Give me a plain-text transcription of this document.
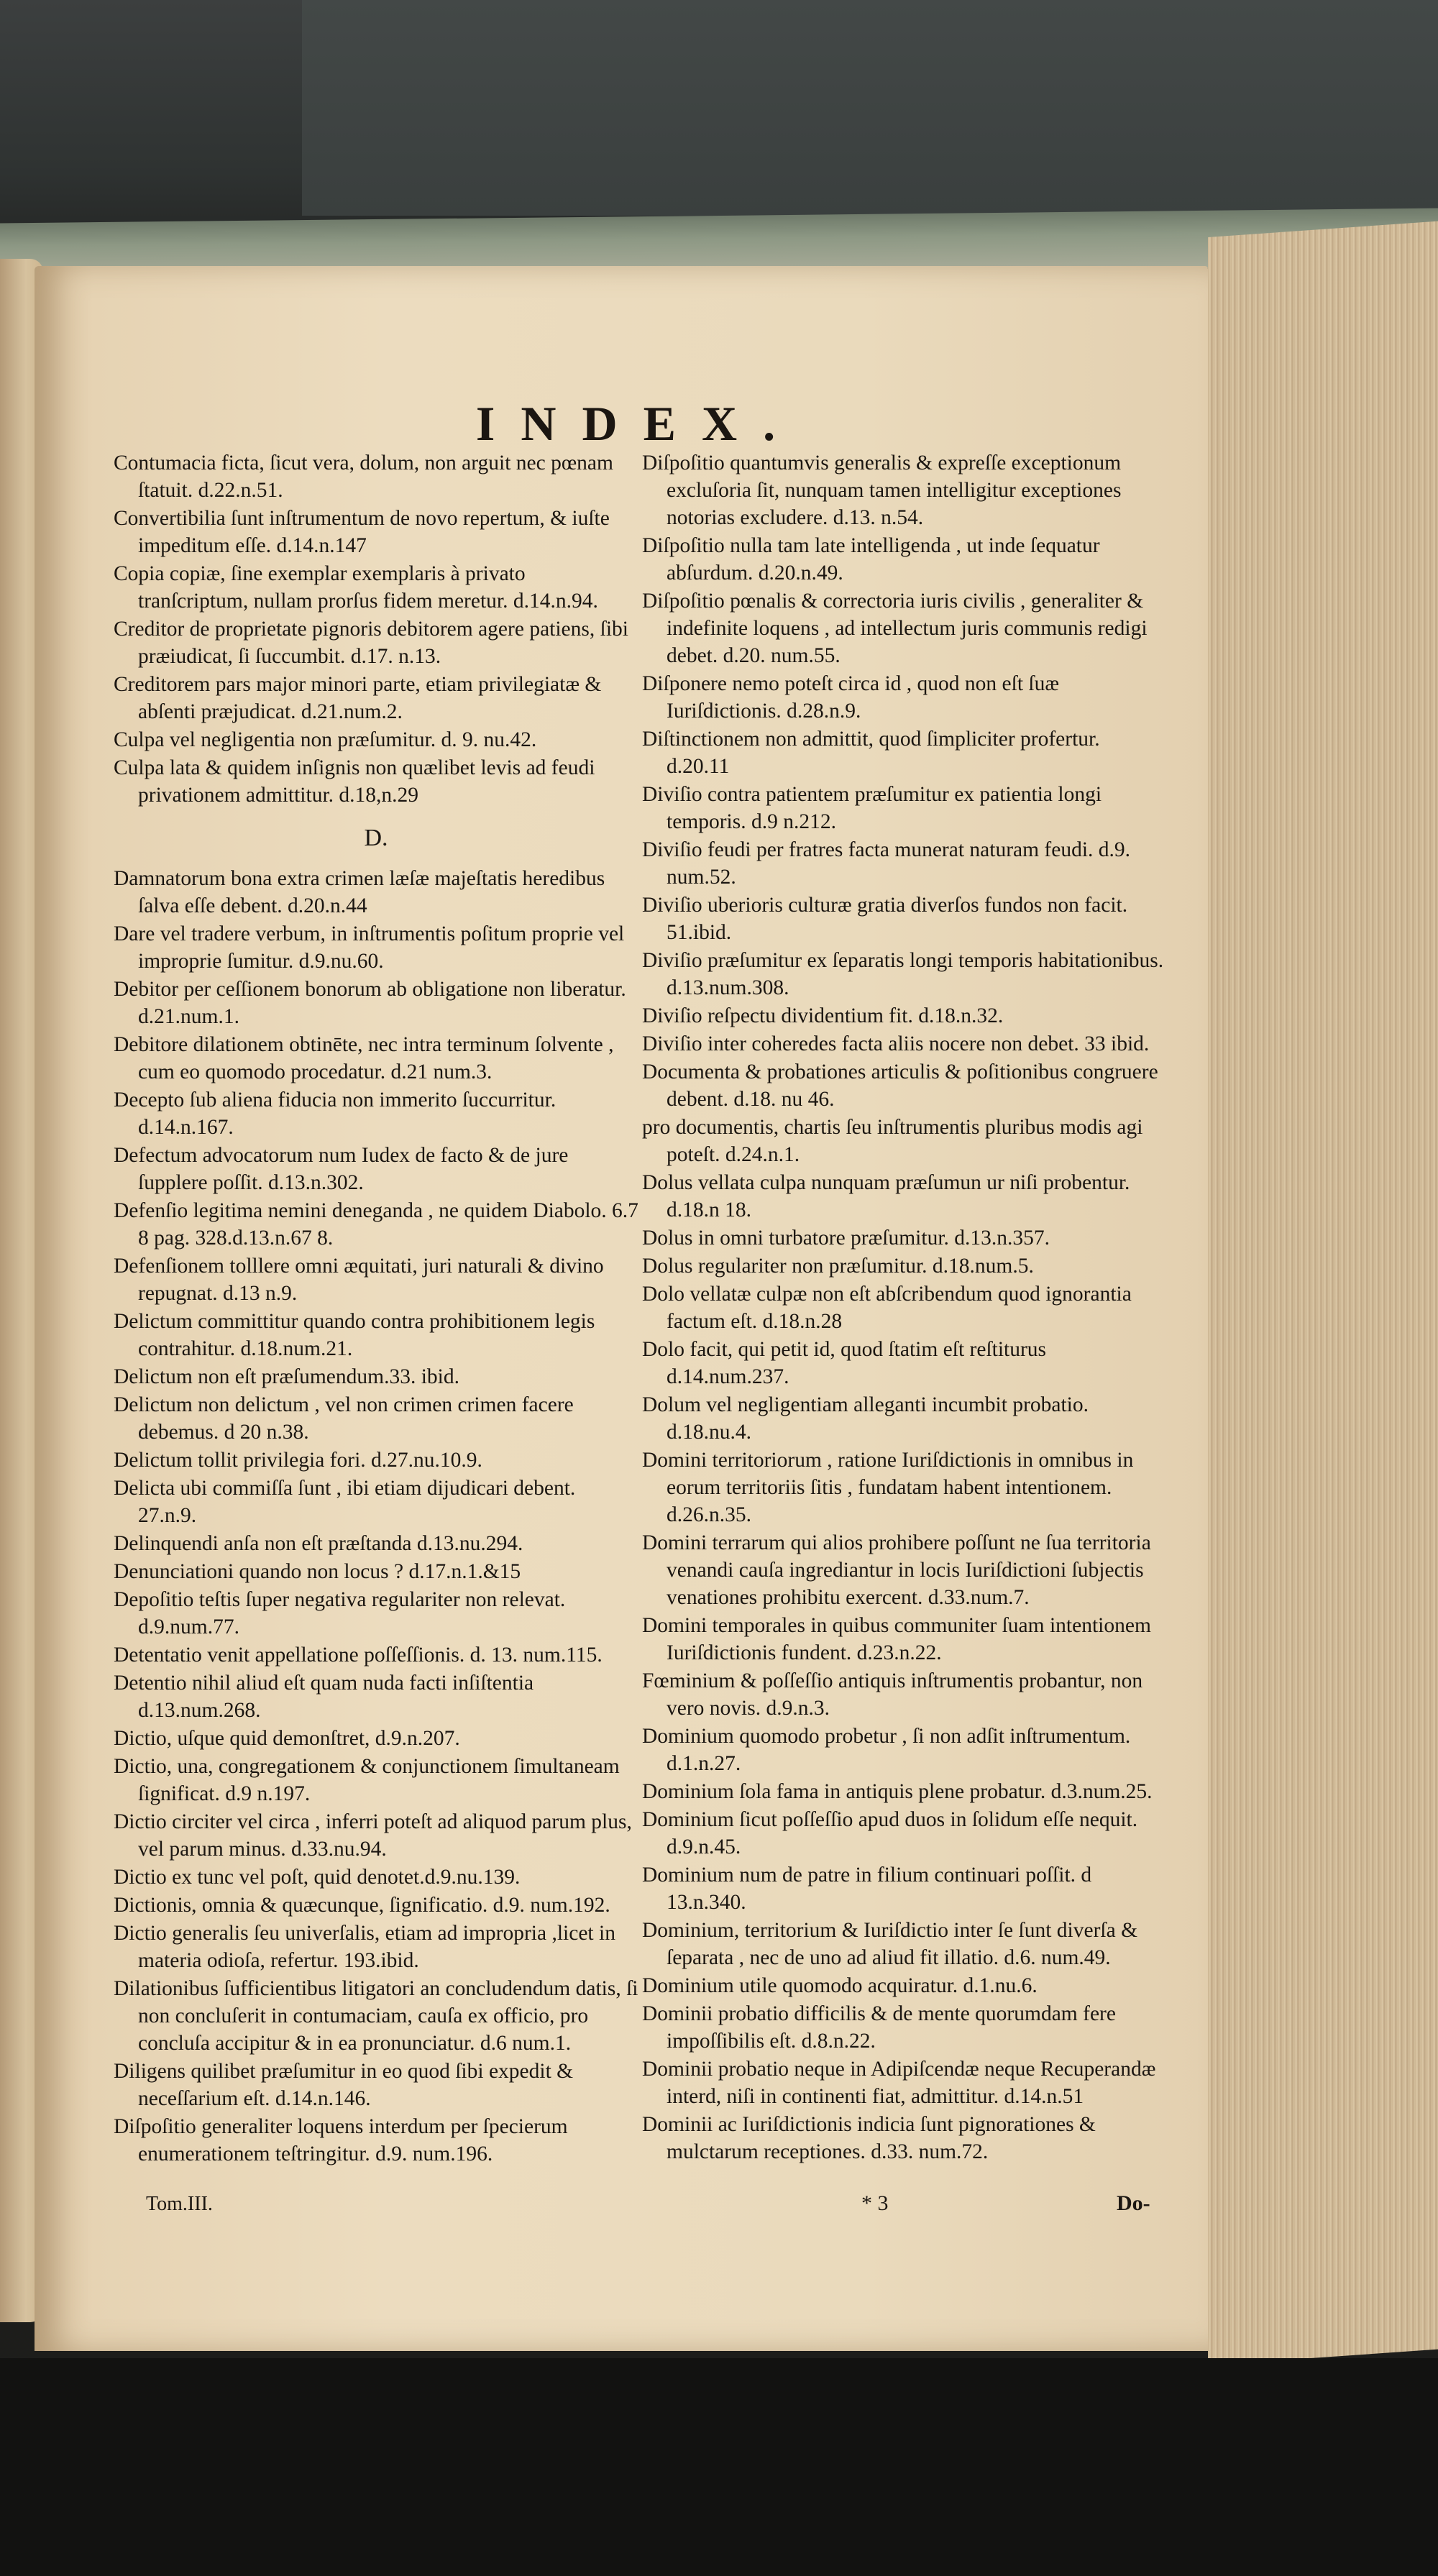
INDEX.
Contumacia ficta, ſicut vera, dolum, non arguit nec pœnam ſtatuit. d.22.n.51.
Convertibilia ſunt inſtrumentum de novo repertum, & iuſte impeditum eſſe. d.14.n.147
Copia copiæ, ſine exemplar exemplaris à privato tranſcriptum, nullam prorſus fidem meretur. d.14.n.94.
Creditor de proprietate pignoris debitorem agere patiens, ſibi præiudicat, ſi ſuccumbit. d.17. n.13.
Creditorem pars major minori parte, etiam privilegiatæ & abſenti præjudicat. d.21.num.2.
Culpa vel negligentia non præſumitur. d. 9. nu.42.
Culpa lata & quidem inſignis non quælibet levis ad feudi privationem admittitur. d.18,n.29
D.
Damnatorum bona extra crimen læſæ majeſtatis heredibus ſalva eſſe debent. d.20.n.44
Dare vel tradere verbum, in inſtrumentis poſitum proprie vel improprie ſumitur. d.9.nu.60.
Debitor per ceſſionem bonorum ab obligatione non liberatur. d.21.num.1.
Debitore dilationem obtinēte, nec intra terminum ſolvente , cum eo quomodo procedatur. d.21 num.3.
Decepto ſub aliena fiducia non immerito ſuccurritur. d.14.n.167.
Defectum advocatorum num Iudex de facto & de jure ſupplere poſſit. d.13.n.302.
Defenſio legitima nemini deneganda , ne quidem Diabolo. 6.7 8 pag. 328.d.13.n.67 8.
Defenſionem tolllere omni æquitati, juri naturali & divino repugnat. d.13 n.9.
Delictum committitur quando contra prohibitionem legis contrahitur. d.18.num.21.
Delictum non eſt præſumendum.33. ibid.
Delictum non delictum , vel non crimen crimen facere debemus. d 20 n.38.
Delictum tollit privilegia fori. d.27.nu.10.9.
Delicta ubi commiſſa ſunt , ibi etiam dijudicari debent. 27.n.9.
Delinquendi anſa non eſt præſtanda d.13.nu.294.
Denunciationi quando non locus ? d.17.n.1.&15
Depoſitio teſtis ſuper negativa regulariter non relevat. d.9.num.77.
Detentatio venit appellatione poſſeſſionis. d. 13. num.115.
Detentio nihil aliud eſt quam nuda facti inſiſtentia d.13.num.268.
Dictio, uſque quid demonſtret, d.9.n.207.
Dictio, una, congregationem & conjunctionem ſimultaneam ſignificat. d.9 n.197.
Dictio circiter vel circa , inferri poteſt ad aliquod parum plus, vel parum minus. d.33.nu.94.
Dictio ex tunc vel poſt, quid denotet.d.9.nu.139.
Dictionis, omnia & quæcunque, ſignificatio. d.9. num.192.
Dictio generalis ſeu univerſalis, etiam ad impropria ,licet in materia odioſa, refertur. 193.ibid.
Dilationibus ſufficientibus litigatori an concludendum datis, ſi non concluſerit in contumaciam, cauſa ex officio, pro concluſa accipitur & in ea pronunciatur. d.6 num.1.
Diligens quilibet præſumitur in eo quod ſibi expedit & neceſſarium eſt. d.14.n.146.
Diſpoſitio generaliter loquens interdum per ſpecierum enumerationem teſtringitur. d.9. num.196.
Diſpoſitio quantumvis generalis & expreſſe exceptionum excluſoria ſit, nunquam tamen intelligitur exceptiones notorias excludere. d.13. n.54.
Diſpoſitio nulla tam late intelligenda , ut inde ſequatur abſurdum. d.20.n.49.
Diſpoſitio pœnalis & correctoria iuris civilis , generaliter & indefinite loquens , ad intellectum juris communis redigi debet. d.20. num.55.
Diſponere nemo poteſt circa id , quod non eſt ſuæ Iuriſdictionis. d.28.n.9.
Diſtinctionem non admittit, quod ſimpliciter profertur. d.20.11
Diviſio contra patientem præſumitur ex patientia longi temporis. d.9 n.212.
Diviſio feudi per fratres facta munerat naturam feudi. d.9. num.52.
Diviſio uberioris culturæ gratia diverſos fundos non facit. 51.ibid.
Diviſio præſumitur ex ſeparatis longi temporis habitationibus. d.13.num.308.
Diviſio reſpectu dividentium fit. d.18.n.32.
Diviſio inter coheredes facta aliis nocere non debet. 33 ibid.
Documenta & probationes articulis & poſitionibus congruere debent. d.18. nu 46.
pro documentis, chartis ſeu inſtrumentis pluribus modis agi poteſt. d.24.n.1.
Dolus vellata culpa nunquam præſumun ur niſi probentur. d.18.n 18.
Dolus in omni turbatore præſumitur. d.13.n.357.
Dolus regulariter non præſumitur. d.18.num.5.
Dolo vellatæ culpæ non eſt abſcribendum quod ignorantia factum eſt. d.18.n.28
Dolo facit, qui petit id, quod ſtatim eſt reſtiturus d.14.num.237.
Dolum vel negligentiam alleganti incumbit probatio. d.18.nu.4.
Domini territoriorum , ratione Iuriſdictionis in omnibus in eorum territoriis ſitis , fundatam habent intentionem. d.26.n.35.
Domini terrarum qui alios prohibere poſſunt ne ſua territoria venandi cauſa ingrediantur in locis Iuriſdictioni ſubjectis venationes prohibitu exercent. d.33.num.7.
Domini temporales in quibus communiter ſuam intentionem Iuriſdictionis fundent. d.23.n.22.
Fœminium & poſſeſſio antiquis inſtrumentis probantur, non vero novis. d.9.n.3.
Dominium quomodo probetur , ſi non adſit inſtrumentum. d.1.n.27.
Dominium ſola fama in antiquis plene probatur. d.3.num.25.
Dominium ſicut poſſeſſio apud duos in ſolidum eſſe nequit. d.9.n.45.
Dominium num de patre in filium continuari poſſit. d 13.n.340.
Dominium, territorium & Iuriſdictio inter ſe ſunt diverſa & ſeparata , nec de uno ad aliud fit illatio. d.6. num.49.
Dominium utile quomodo acquiratur. d.1.nu.6.
Dominii probatio difficilis & de mente quorumdam fere impoſſibilis eſt. d.8.n.22.
Dominii probatio neque in Adipiſcendæ neque Recuperandæ interd, niſi in continenti fiat, admittitur. d.14.n.51
Dominii ac Iuriſdictionis indicia ſunt pignorationes & mulctarum receptiones. d.33. num.72.
Tom.III.	* 3	Do-
